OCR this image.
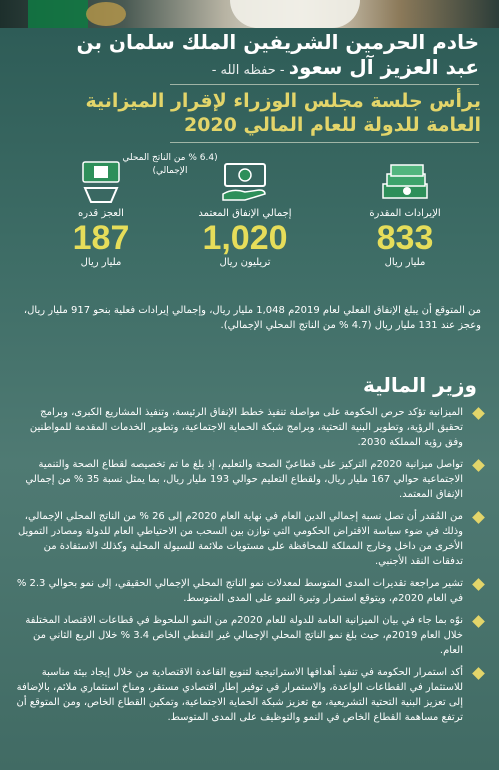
خادم الحرمين الشريفين الملك سلمان بن
عبد العزيز آل سعود - حفظه الله -
يرأس جلسة مجلس الوزراء لإقرار الميزانية
العامة للدولة للعام المالي 2020
(6.4 % من الناتج المحلي الإجمالي)
الإيرادات المقدرة
833
مليار ريال
إجمالي الإنفاق المعتمد
1,020
تريليون ريال
العجز قدره
187
مليار ريال
من المتوقع أن يبلغ الإنفاق الفعلي لعام 2019م 1,048 مليار ريال، وإجمالي إيرادات فعلية بنحو 917 مليار ريال، وعجز عند 131 مليار ريال (4.7 % من الناتج المحلي الإجمالي).
وزير المالية
الميزانية تؤكد حرص الحكومة على مواصلة تنفيذ خطط الإنفاق الرئيسة، وتنفيذ المشاريع الكبرى، وبرامج تحقيق الرؤية، وتطوير البنية التحتية، وبرامج شبكة الحماية الاجتماعية، وتطوير الخدمات المقدمة للمواطنين وفق رؤية المملكة 2030.
تواصل ميزانية 2020م التركيز على قطاعيّ الصحة والتعليم، إذ بلغ ما تم تخصيصه لقطاع الصحة والتنمية الاجتماعية حوالي 167 مليار ريال، ولقطاع التعليم حوالي 193 مليار ريال، بما يمثل نسبة 35 % من إجمالي الإنفاق المعتمد.
من المُقدر أن تصل نسبة إجمالي الدين العام في نهاية العام 2020م إلى 26 % من الناتج المحلي الإجمالي، وذلك في ضوء سياسة الاقتراض الحكومي التي توازن بين السحب من الاحتياطي العام للدولة ومصادر التمويل الأخرى من داخل وخارج المملكة للمحافظة على مستويات ملائمة للسيولة المحلية وكذلك الاستفادة من تدفقات النقد الأجنبي.
تشير مراجعة تقديرات المدى المتوسط لمعدلات نمو الناتج المحلي الإجمالي الحقيقي، إلى نمو بحوالي 2.3 % في العام 2020م، ويتوقع استمرار وتيرة النمو على المدى المتوسط.
نوّه بما جاء في بيان الميزانية العامة للدولة للعام 2020م من النمو الملحوظ في قطاعات الاقتصاد المختلفة خلال العام 2019م، حيث بلغ نمو الناتج المحلي الإجمالي غير النفطي الخاص 3.4 % خلال الربع الثاني من العام.
أكد استمرار الحكومة في تنفيذ أهدافها الاستراتيجية لتنويع القاعدة الاقتصادية من خلال إيجاد بيئة مناسبة للاستثمار في القطاعات الواعدة، والاستمرار في توفير إطار اقتصادي مستقر، ومناخ استثماري ملائم، بالإضافة إلى تعزيز البنية التحتية التشريعية، مع تعزيز شبكة الحماية الاجتماعية، وتمكين القطاع الخاص، ومن المتوقع أن ترتفع مساهمة القطاع الخاص في النمو والتوظيف على المدى المتوسط.
